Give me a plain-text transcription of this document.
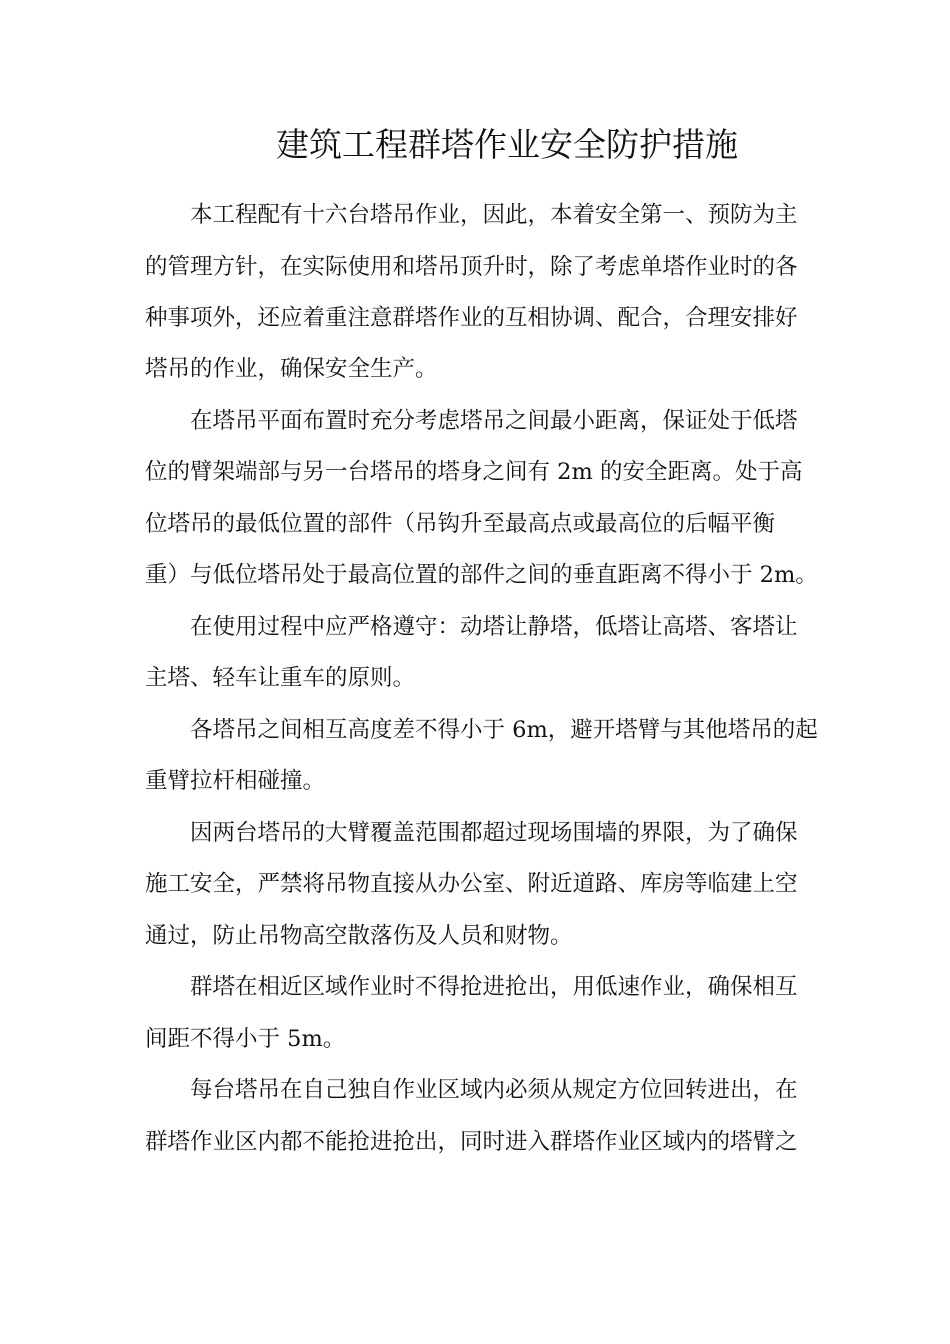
建筑工程群塔作业安全防护措施
本工程配有十六台塔吊作业，因此，本着安全第一、预防为主
的管理方针，在实际使用和塔吊顶升时，除了考虑单塔作业时的各
种事项外，还应着重注意群塔作业的互相协调、配合，合理安排好
塔吊的作业，确保安全生产。
在塔吊平面布置时充分考虑塔吊之间最小距离，保证处于低塔
位的臂架端部与另一台塔吊的塔身之间有 2m 的安全距离。处于高
位塔吊的最低位置的部件（吊钩升至最高点或最高位的后幅平衡
重）与低位塔吊处于最高位置的部件之间的垂直距离不得小于 2m。
在使用过程中应严格遵守：动塔让静塔，低塔让高塔、客塔让
主塔、轻车让重车的原则。
各塔吊之间相互高度差不得小于 6m，避开塔臂与其他塔吊的起
重臂拉杆相碰撞。
因两台塔吊的大臂覆盖范围都超过现场围墙的界限，为了确保
施工安全，严禁将吊物直接从办公室、附近道路、库房等临建上空
通过，防止吊物高空散落伤及人员和财物。
群塔在相近区域作业时不得抢进抢出，用低速作业，确保相互
间距不得小于 5m。
每台塔吊在自己独自作业区域内必须从规定方位回转进出，在
群塔作业区内都不能抢进抢出，同时进入群塔作业区域内的塔臂之
